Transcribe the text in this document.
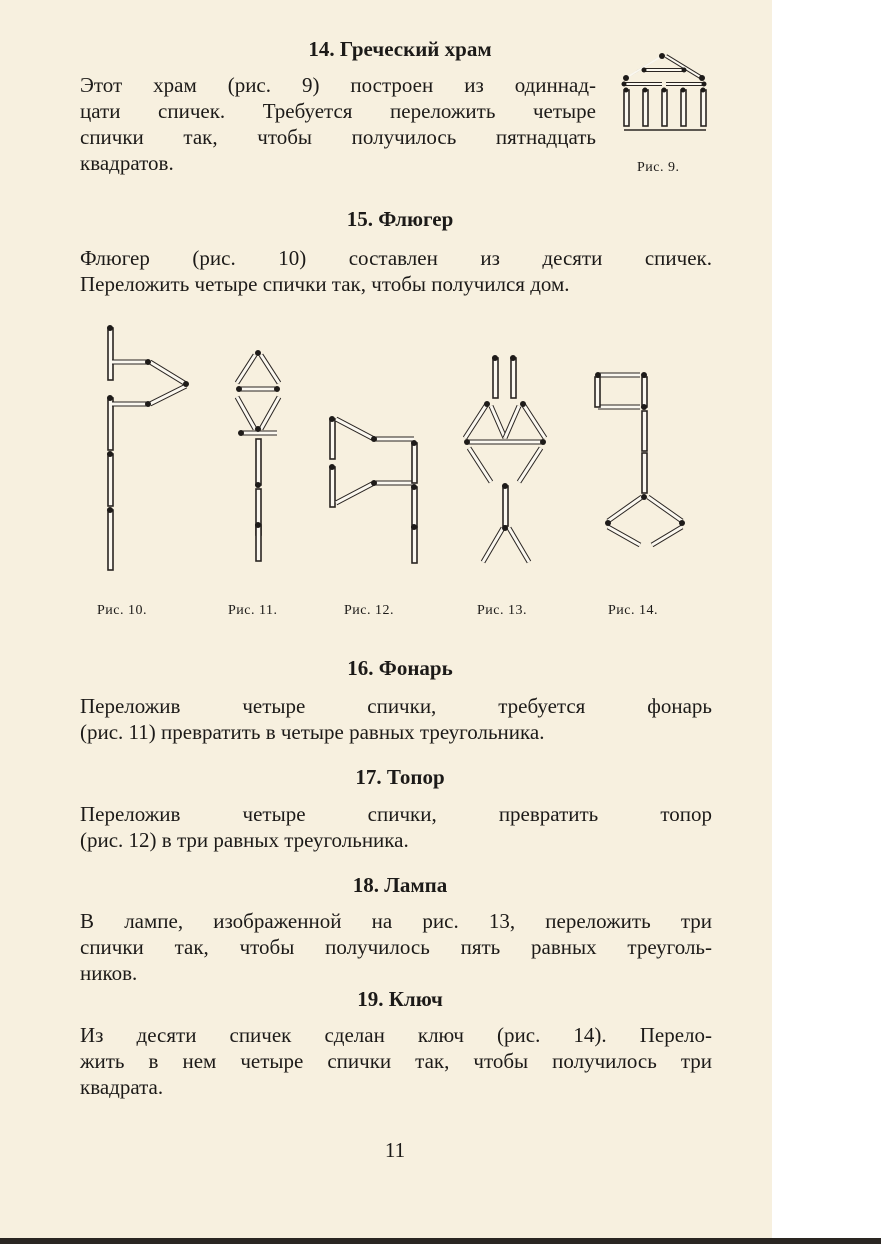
14. Греческий храм
Этот храм (рис. 9) построен из одиннад-
цати спичек. Требуется переложить четыре
спички так, чтобы получилось пятнадцать
квадратов.	Рис. 9.
15. Флюгер
Флюгер (рис. 10) составлен из десяти спичек.
Переложить четыре спички так, чтобы получился дом.
Рис. 10.	Рис. 11.	Рис. 12.	Рис. 13.	Рис. 14.
16. Фонарь
Переложив четыре спички, требуется фонарь
(рис. 11) превратить в четыре равных треугольника.
17. Топор
Переложив четыре спички, превратить топор
(рис. 12) в три равных треугольника.
18. Лампа
В лампе, изображенной на рис. 13, переложить три
спички так, чтобы получилось пять равных треуголь-
ников.
19. Ключ
Из десяти спичек сделан ключ (рис. 14). Перело-
жить в нем четыре спички так, чтобы получилось три
квадрата.
11
